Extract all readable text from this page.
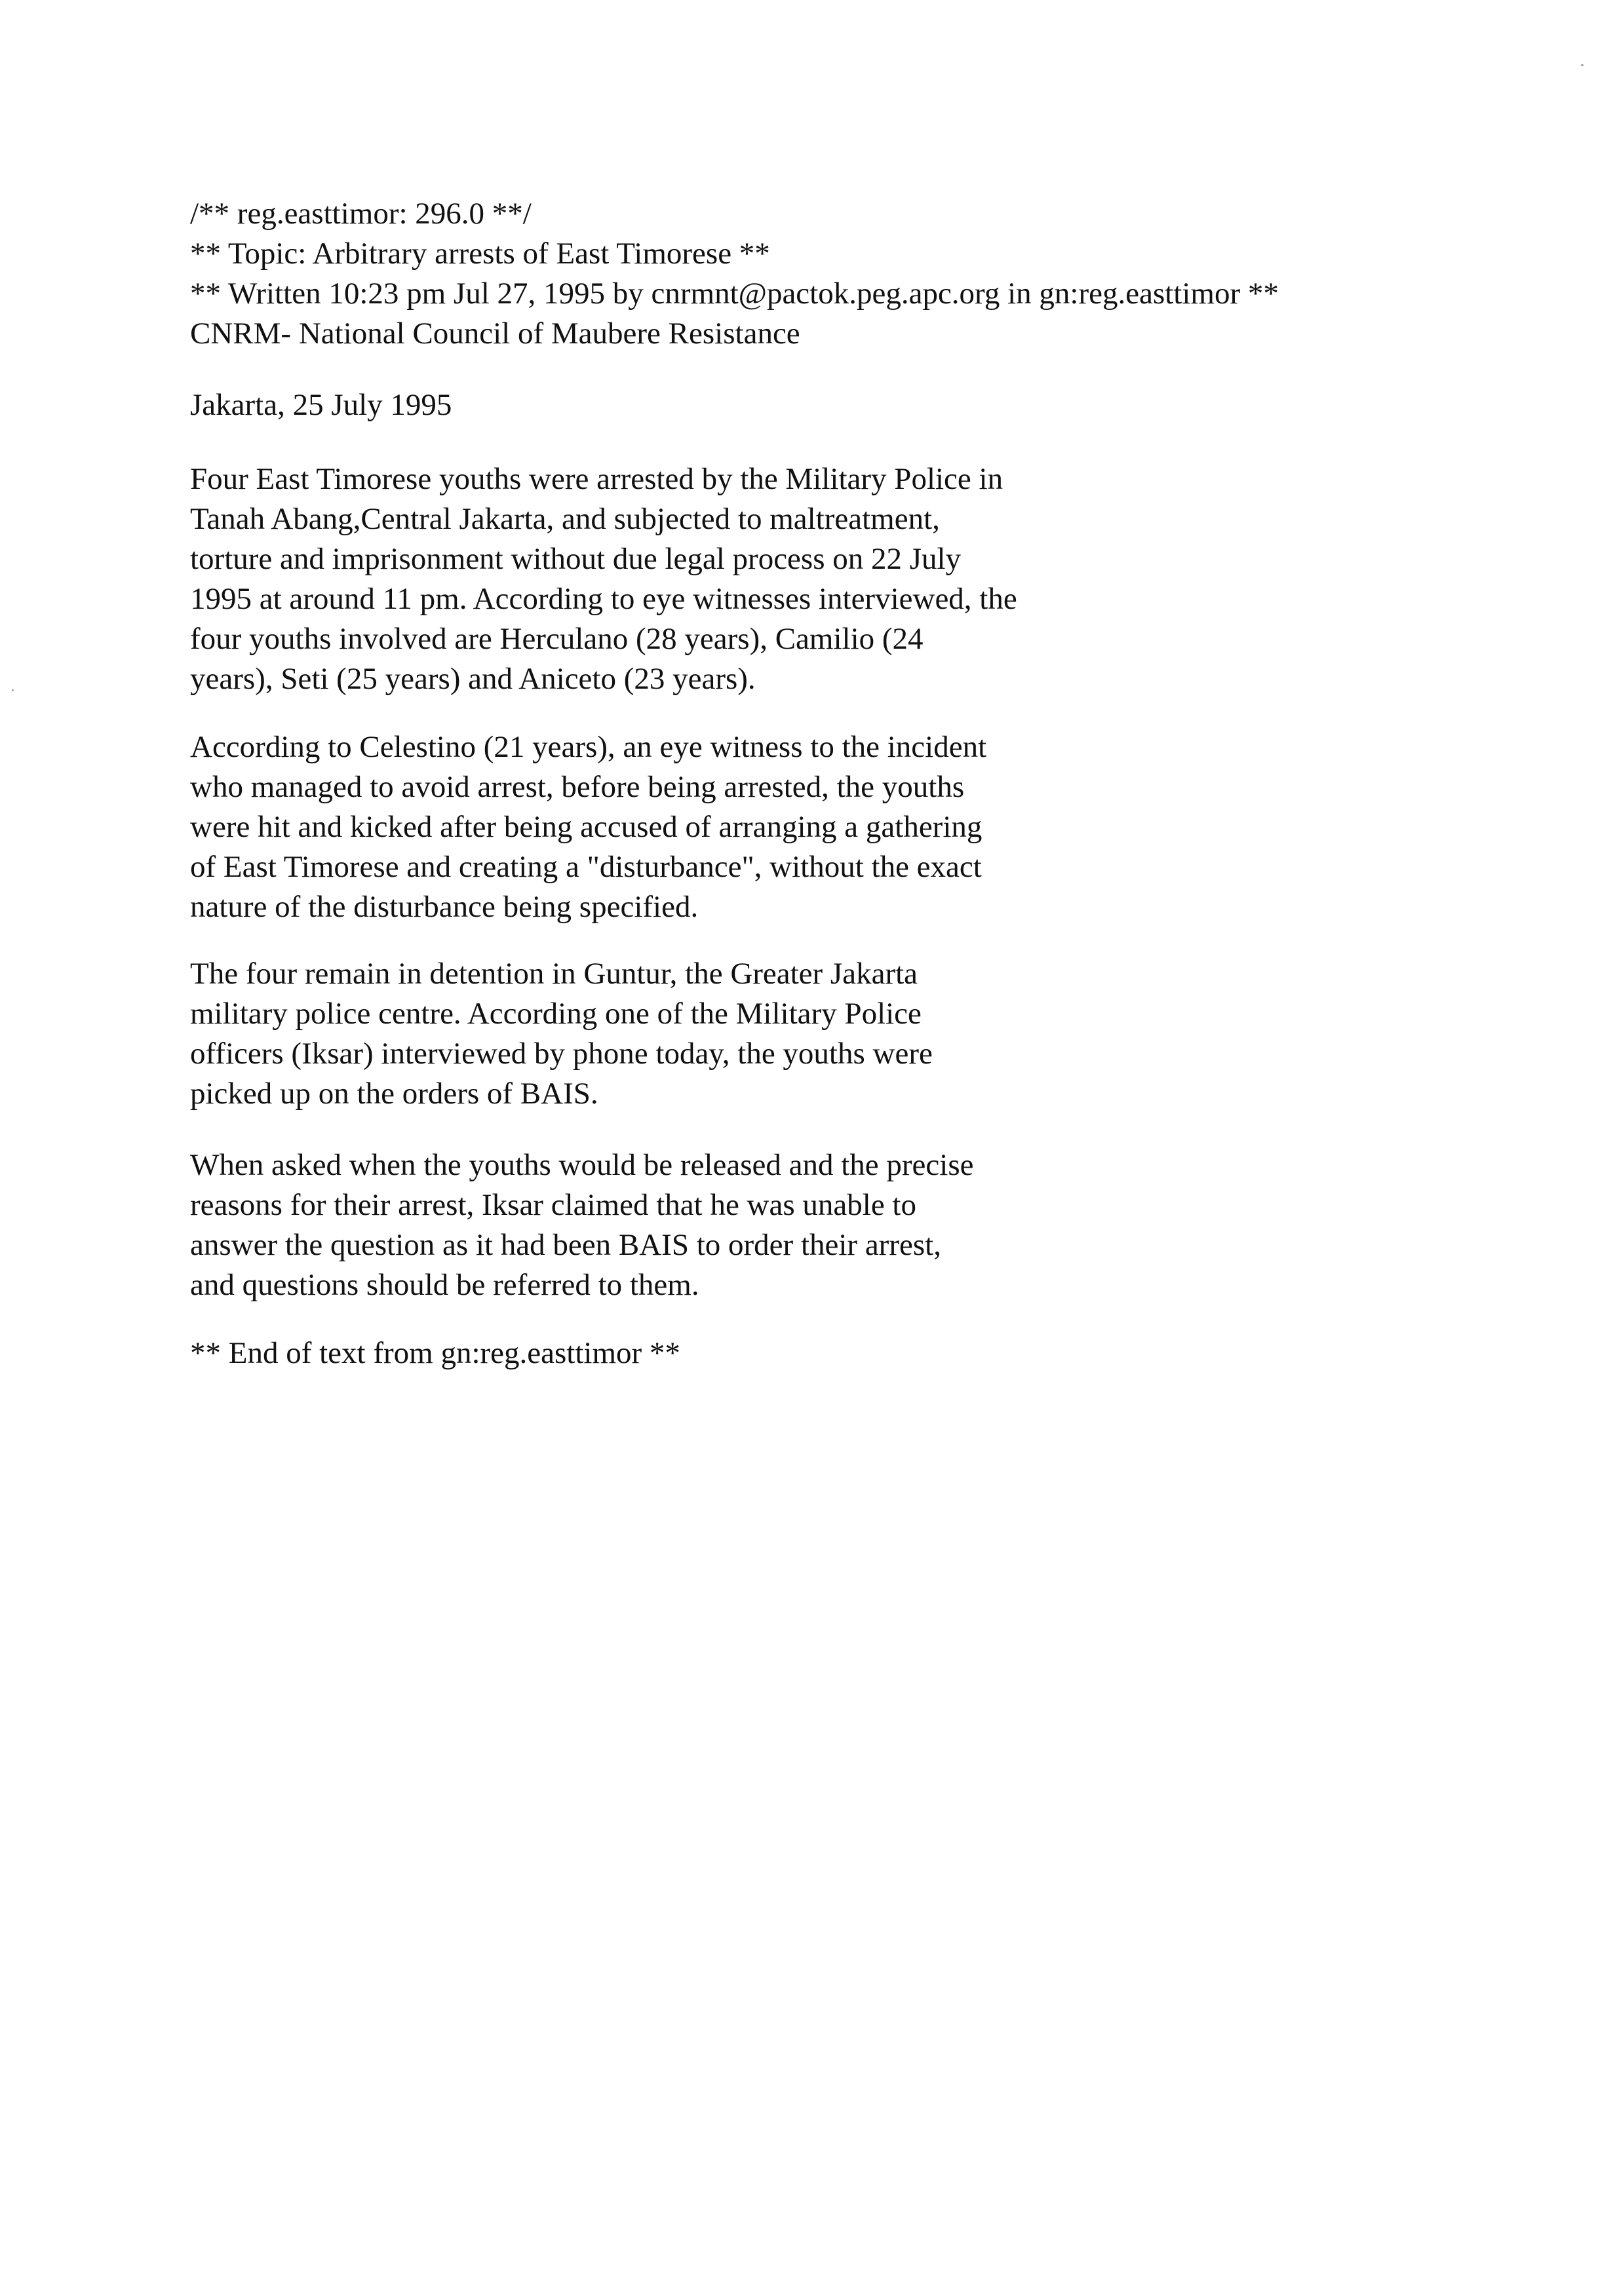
/** reg.easttimor: 296.0 **/
** Topic: Arbitrary arrests of East Timorese **
** Written 10:23 pm Jul 27, 1995 by cnrmnt@pactok.peg.apc.org in gn:reg.easttimor **
CNRM- National Council of Maubere Resistance

Jakarta, 25 July 1995

Four East Timorese youths were arrested by the Military Police in
Tanah Abang,Central Jakarta, and subjected to maltreatment,
torture and imprisonment without due legal process on 22 July
1995 at around 11 pm. According to eye witnesses interviewed, the
four youths involved are Herculano (28 years), Camilio (24
years), Seti (25 years) and Aniceto (23 years).

According to Celestino (21 years), an eye witness to the incident
who managed to avoid arrest, before being arrested, the youths
were hit and kicked after being accused of arranging a gathering
of East Timorese and creating a "disturbance", without the exact
nature of the disturbance being specified.

The four remain in detention in Guntur, the Greater Jakarta
military police centre. According one of the Military Police
officers (Iksar) interviewed by phone today, the youths were
picked up on the orders of BAIS.

When asked when the youths would be released and the precise
reasons for their arrest, Iksar claimed that he was unable to
answer the question as it had been BAIS to order their arrest,
and questions should be referred to them.

** End of text from gn:reg.easttimor **
